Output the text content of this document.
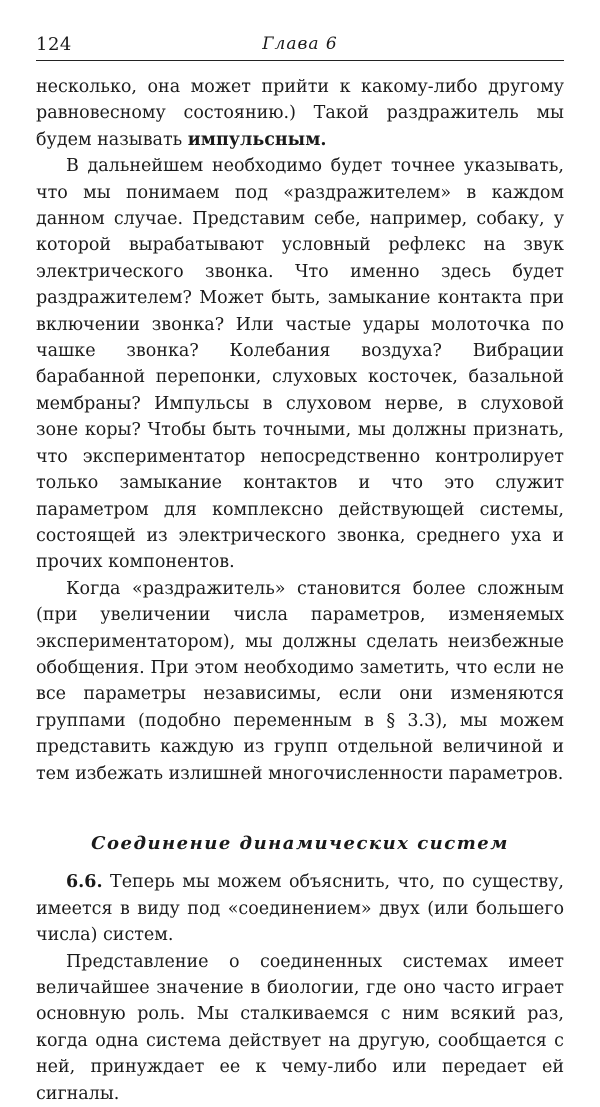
124	Глава 6

несколько, она может прийти к какому-либо другому равновесному состоянию.) Такой раздражитель мы будем называть импульсным.

В дальнейшем необходимо будет точнее указывать, что мы понимаем под «раздражителем» в каждом данном случае. Представим себе, например, собаку, у которой вырабатывают условный рефлекс на звук электрического звонка. Что именно здесь будет раздражителем? Может быть, замыкание контакта при включении звонка? Или частые удары молоточка по чашке звонка? Колебания воздуха? Вибрации барабанной перепонки, слуховых косточек, базальной мембраны? Импульсы в слуховом нерве, в слуховой зоне коры? Чтобы быть точными, мы должны признать, что экспериментатор непосредственно контролирует только замыкание контактов и что это служит параметром для комплексно действующей системы, состоящей из электрического звонка, среднего уха и прочих компонентов.

Когда «раздражитель» становится более сложным (при увеличении числа параметров, изменяемых экспериментатором), мы должны сделать неизбежные обобщения. При этом необходимо заметить, что если не все параметры независимы, если они изменяются группами (подобно переменным в § 3.3), мы можем представить каждую из групп отдельной величиной и тем избежать излишней многочисленности параметров.

Соединение динамических систем

6.6. Теперь мы можем объяснить, что, по существу, имеется в виду под «соединением» двух (или большего числа) систем.

Представление о соединенных системах имеет величайшее значение в биологии, где оно часто играет основную роль. Мы сталкиваемся с ним всякий раз, когда одна система действует на другую, сообщается с ней, принуждает ее к чему-либо или передает ей сигналы.
